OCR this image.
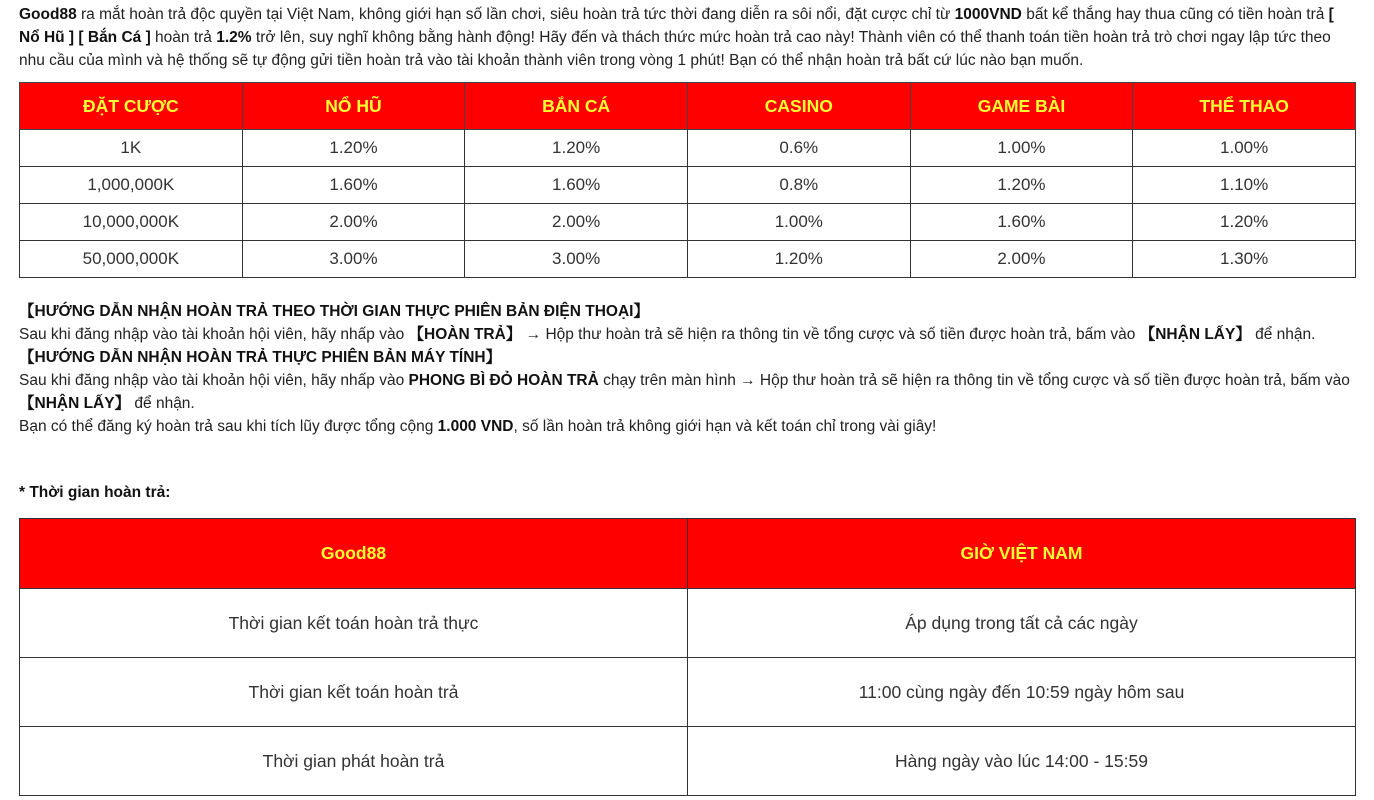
Good88 ra mắt hoàn trả độc quyền tại Việt Nam, không giới hạn số lần chơi, siêu hoàn trả tức thời đang diễn ra sôi nổi, đặt cược chỉ từ 1000VND bất kể thắng hay thua cũng có tiền hoàn trả [ Nổ Hũ ] [ Bắn Cá ] hoàn trả 1.2% trở lên, suy nghĩ không bằng hành động! Hãy đến và thách thức mức hoàn trả cao này! Thành viên có thể thanh toán tiền hoàn trả trò chơi ngay lập tức theo nhu cầu của mình và hệ thống sẽ tự động gửi tiền hoàn trả vào tài khoản thành viên trong vòng 1 phút! Bạn có thể nhận hoàn trả bất cứ lúc nào bạn muốn.

ĐẶT CƯỢC	NỔ HŨ	BẮN CÁ	CASINO	GAME BÀI	THỂ THAO
1K	1.20%	1.20%	0.6%	1.00%	1.00%
1,000,000K	1.60%	1.60%	0.8%	1.20%	1.10%
10,000,000K	2.00%	2.00%	1.00%	1.60%	1.20%
50,000,000K	3.00%	3.00%	1.20%	2.00%	1.30%

【HƯỚNG DẪN NHẬN HOÀN TRẢ THEO THỜI GIAN THỰC PHIÊN BẢN ĐIỆN THOẠI】

Sau khi đăng nhập vào tài khoản hội viên, hãy nhấp vào 【HOÀN TRẢ】 → Hộp thư hoàn trả sẽ hiện ra thông tin về tổng cược và số tiền được hoàn trả, bấm vào 【NHẬN LẤY】 để nhận.

【HƯỚNG DẪN NHẬN HOÀN TRẢ THỰC PHIÊN BẢN MÁY TÍNH】

Sau khi đăng nhập vào tài khoản hội viên, hãy nhấp vào PHONG BÌ ĐỎ HOÀN TRẢ chạy trên màn hình → Hộp thư hoàn trả sẽ hiện ra thông tin về tổng cược và số tiền được hoàn trả, bấm vào 【NHẬN LẤY】 để nhận.

Bạn có thể đăng ký hoàn trả sau khi tích lũy được tổng cộng 1.000 VND, số lần hoàn trả không giới hạn và kết toán chỉ trong vài giây!

* Thời gian hoàn trả:
Good88	GIỜ VIỆT NAM
Thời gian kết toán hoàn trả thực	Áp dụng trong tất cả các ngày
Thời gian kết toán hoàn trả	11:00 cùng ngày đến 10:59 ngày hôm sau
Thời gian phát hoàn trả	Hàng ngày vào lúc 14:00 - 15:59
